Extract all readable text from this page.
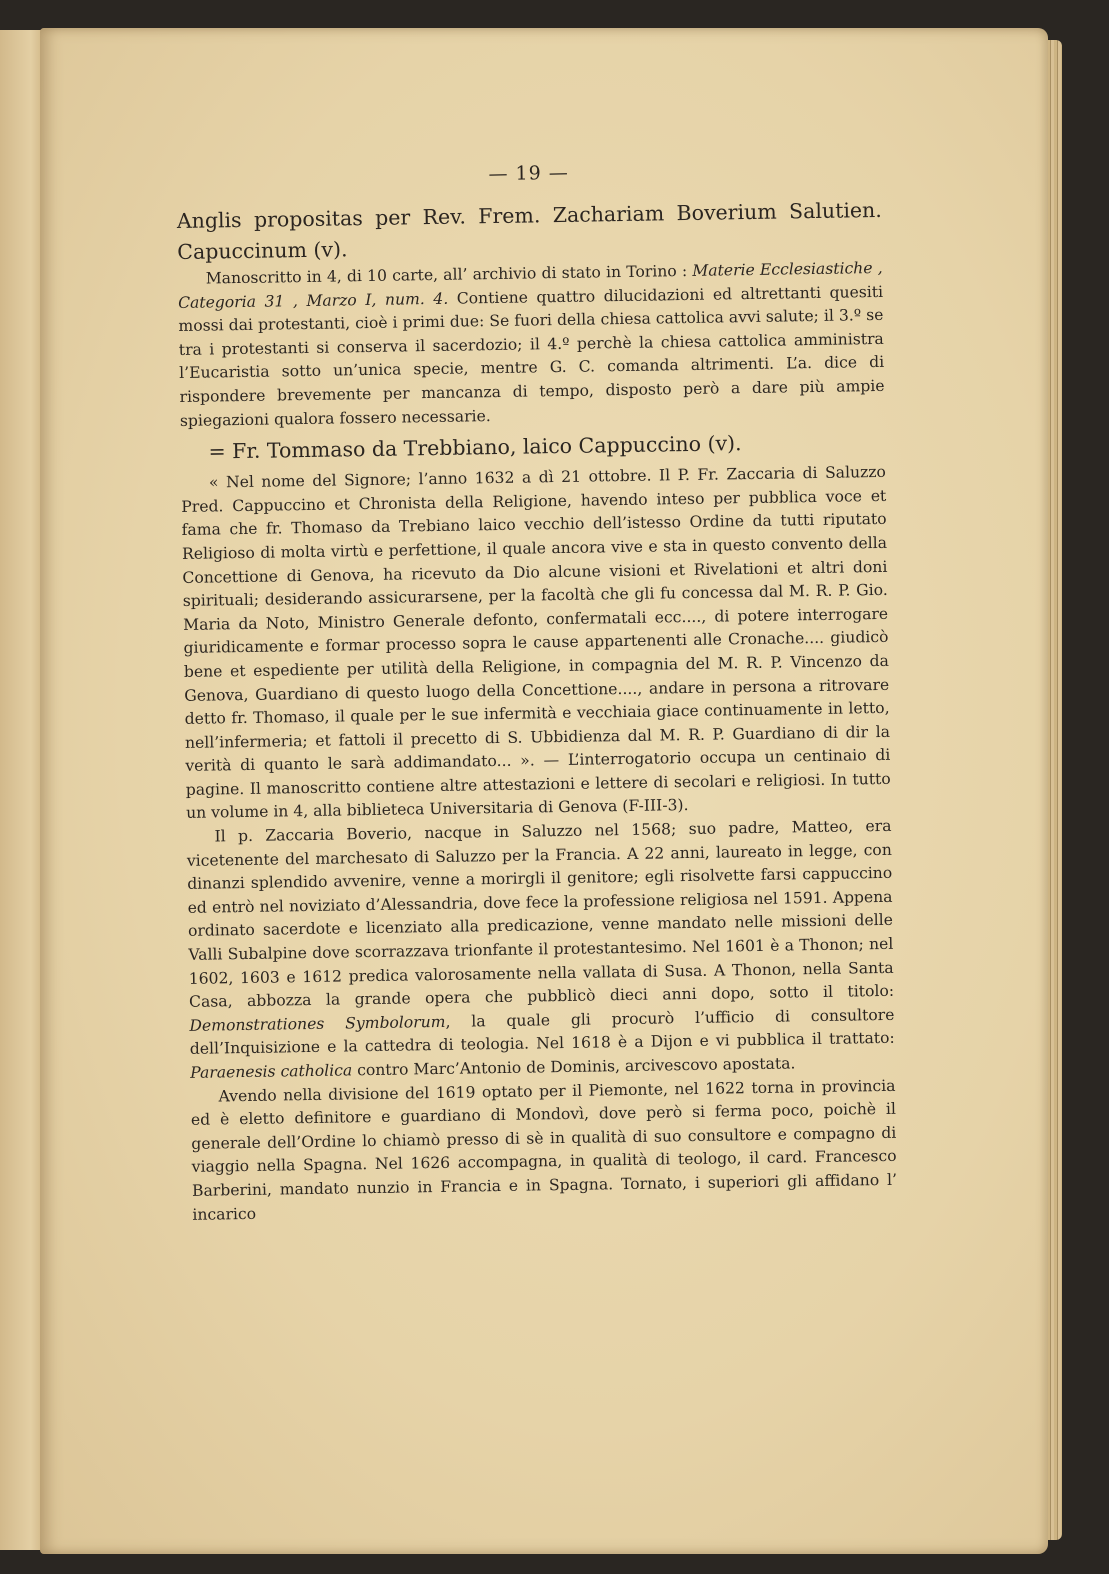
— 19 —

Anglis propositas per Rev. Frem. Zachariam Boverium Salutien. Capuccinum (v).

Manoscritto in 4, di 10 carte, all’ archivio di stato in Torino : Materie Ecclesiastiche , Categoria 31 , Marzo I, num. 4. Contiene quattro dilucidazioni ed altrettanti quesiti mossi dai protestanti, cioè i primi due: Se fuori della chiesa cattolica avvi salute; il 3.º se tra i protestanti si conserva il sacerdozio; il 4.º perchè la chiesa cattolica amministra l’Eucaristia sotto un’unica specie, mentre G. C. comanda altrimenti. L’a. dice di rispondere brevemente per mancanza di tempo, disposto però a dare più ampie spiegazioni qualora fossero necessarie.

= Fr. Tommaso da Trebbiano, laico Cappuccino (v).

« Nel nome del Signore; l’anno 1632 a dì 21 ottobre. Il P. Fr. Zaccaria di Saluzzo Pred. Cappuccino et Chronista della Religione, havendo inteso per pubblica voce et fama che fr. Thomaso da Trebiano laico vecchio dell’istesso Ordine da tutti riputato Religioso di molta virtù e perfettione, il quale ancora vive e sta in questo convento della Concettione di Genova, ha ricevuto da Dio alcune visioni et Rivelationi et altri doni spirituali; desiderando assicurarsene, per la facoltà che gli fu concessa dal M. R. P. Gio. Maria da Noto, Ministro Generale defonto, confermatali ecc...., di potere interrogare giuridicamente e formar processo sopra le cause appartenenti alle Cronache.... giudicò bene et espediente per utilità della Religione, in compagnia del M. R. P. Vincenzo da Genova, Guardiano di questo luogo della Concettione...., andare in persona a ritrovare detto fr. Thomaso, il quale per le sue infermità e vecchiaia giace continuamente in letto, nell’infermeria; et fattoli il precetto di S. Ubbidienza dal M. R. P. Guardiano di dir la verità di quanto le sarà addimandato... ». — L’interrogatorio occupa un centinaio di pagine. Il manoscritto contiene altre attestazioni e lettere di secolari e religiosi. In tutto un volume in 4, alla biblieteca Universitaria di Genova (F-III-3).

Il p. Zaccaria Boverio, nacque in Saluzzo nel 1568; suo padre, Matteo, era vicetenente del marchesato di Saluzzo per la Francia. A 22 anni, laureato in legge, con dinanzi splendido avvenire, venne a morirgli il genitore; egli risolvette farsi cappuccino ed entrò nel noviziato d’Alessandria, dove fece la professione religiosa nel 1591. Appena ordinato sacerdote e licenziato alla predicazione, venne mandato nelle missioni delle Valli Subalpine dove scorrazzava trionfante il protestantesimo. Nel 1601 è a Thonon; nel 1602, 1603 e 1612 predica valorosamente nella vallata di Susa. A Thonon, nella Santa Casa, abbozza la grande opera che pubblicò dieci anni dopo, sotto il titolo: Demonstrationes Symbolorum, la quale gli procurò l’ufficio di consultore dell’Inquisizione e la cattedra di teologia. Nel 1618 è a Dijon e vi pubblica il trattato: Paraenesis catholica contro Marc’Antonio de Dominis, arcivescovo apostata.

Avendo nella divisione del 1619 optato per il Piemonte, nel 1622 torna in provincia ed è eletto definitore e guardiano di Mondovì, dove però si ferma poco, poichè il generale dell’Ordine lo chiamò presso di sè in qualità di suo consultore e compagno di viaggio nella Spagna. Nel 1626 accompagna, in qualità di teologo, il card. Francesco Barberini, mandato nunzio in Francia e in Spagna. Tornato, i superiori gli affidano l’ incarico
